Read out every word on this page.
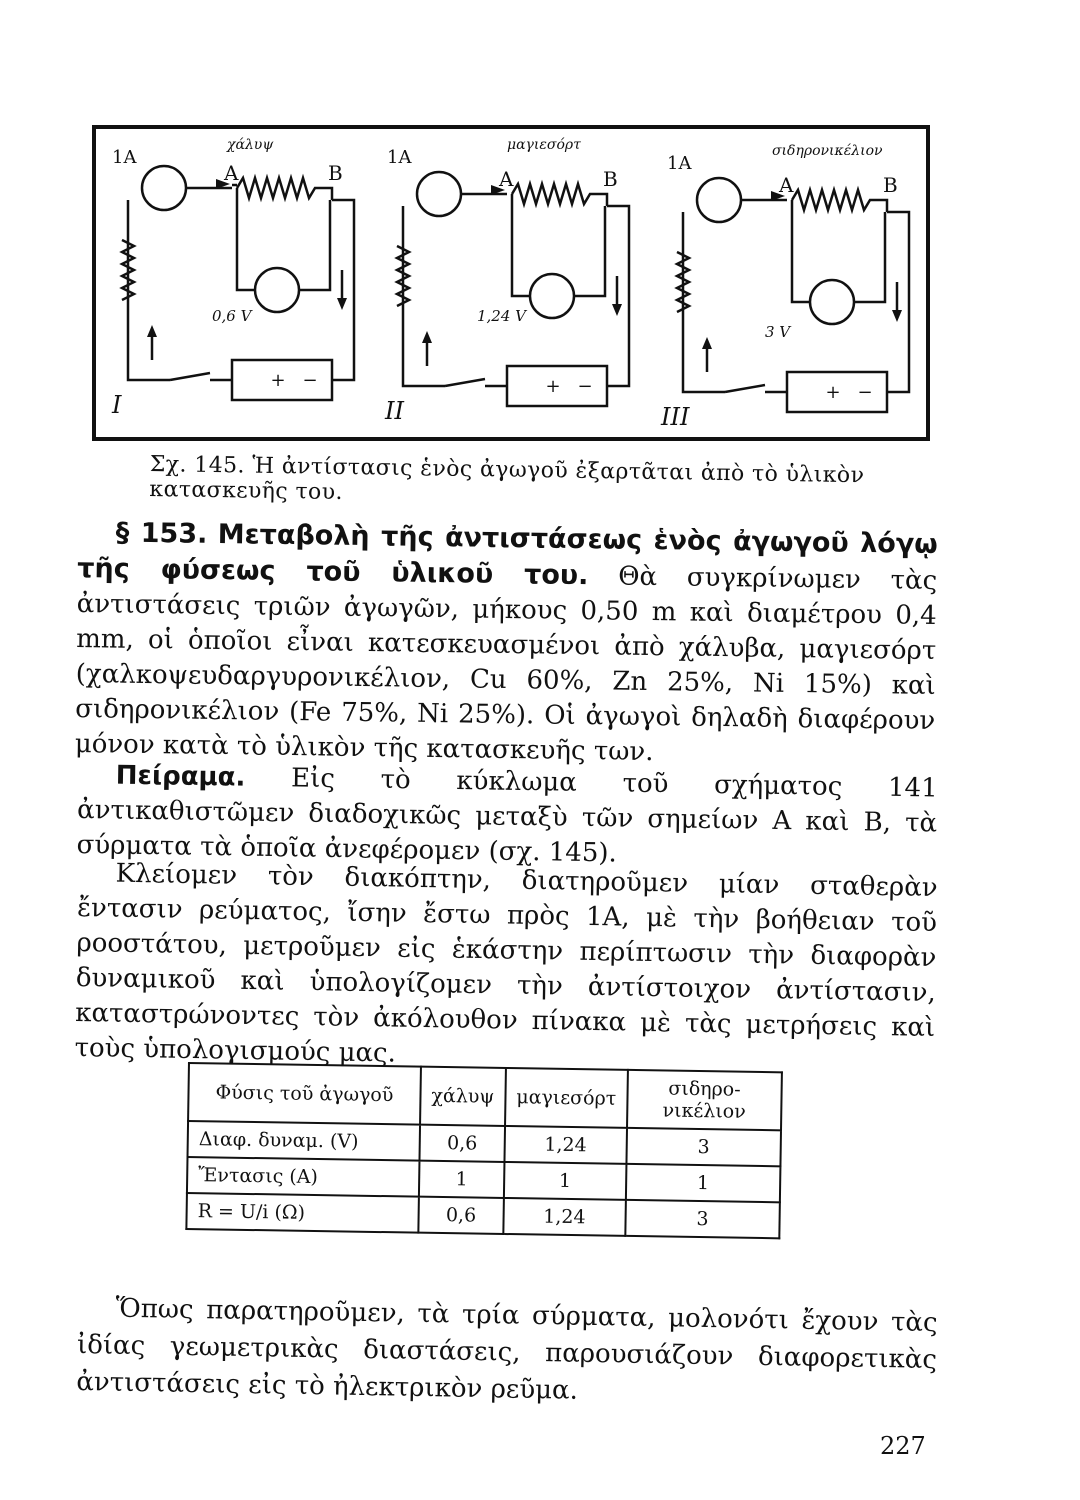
+ −
I
1A
χάλυψ
A	B
0,6 V
+ −
II
1A
μαγιεσόρτ
A	B
1,24 V
+ −
III
1A
σιδηρονικέλιον
A	B
3 V
Σχ. 145. Ἡ ἀντίστασις ἑνὸς ἀγωγοῦ ἐξαρτᾶται ἀπὸ τὸ ὑλικὸν κατασκευῆς του.
§ 153. Μεταβολὴ τῆς ἀντιστάσεως ἑνὸς ἀγωγοῦ λόγῳ τῆς φύσεως τοῦ ὑλικοῦ του. Θὰ συγκρίνωμεν τὰς ἀντιστάσεις τριῶν ἀγωγῶν, μήκους 0,50 m καὶ διαμέτρου 0,4 mm, οἱ ὁποῖοι εἶναι κατεσκευασμένοι ἀπὸ χάλυβα, μαγιεσόρτ (χαλκοψευδαργυρονικέλιον, Cu 60%, Zn 25%, Ni 15%) καὶ σιδηρονικέλιον (Fe 75%, Ni 25%). Οἱ ἀγωγοὶ δηλαδὴ διαφέρουν μόνον κατὰ τὸ ὑλικὸν τῆς κατασκευῆς των.
Πείραμα. Εἰς τὸ κύκλωμα τοῦ σχήματος 141 ἀντικαθιστῶμεν διαδοχικῶς μεταξὺ τῶν σημείων Α καὶ Β, τὰ σύρματα τὰ ὁποῖα ἀνεφέρομεν (σχ. 145).
Κλείομεν τὸν διακόπτην, διατηροῦμεν μίαν σταθερὰν ἔντασιν ρεύματος, ἴσην ἔστω πρὸς 1Α, μὲ τὴν βοήθειαν τοῦ ροοστάτου, μετροῦμεν εἰς ἑκάστην περίπτωσιν τὴν διαφορὰν δυναμικοῦ καὶ ὑπολογίζομεν τὴν ἀντίστοιχον ἀντίστασιν, καταστρώνοντες τὸν ἀκόλουθον πίνακα μὲ τὰς μετρήσεις καὶ τοὺς ὑπολογισμούς μας.
Φύσις τοῦ ἀγωγοῦ	χάλυψ	μαγιεσόρτ	σιδηρο-νικέλιον
Διαφ. δυναμ. (V)	0,6	1,24	3
Ἔντασις (A)	1	1	1
R = U/i (Ω)	0,6	1,24	3
Ὅπως παρατηροῦμεν, τὰ τρία σύρματα, μολονότι ἔχουν τὰς ἰδίας γεωμετρικὰς διαστάσεις, παρουσιάζουν διαφορετικὰς ἀντιστάσεις εἰς τὸ ἠλεκτρικὸν ρεῦμα.
227
